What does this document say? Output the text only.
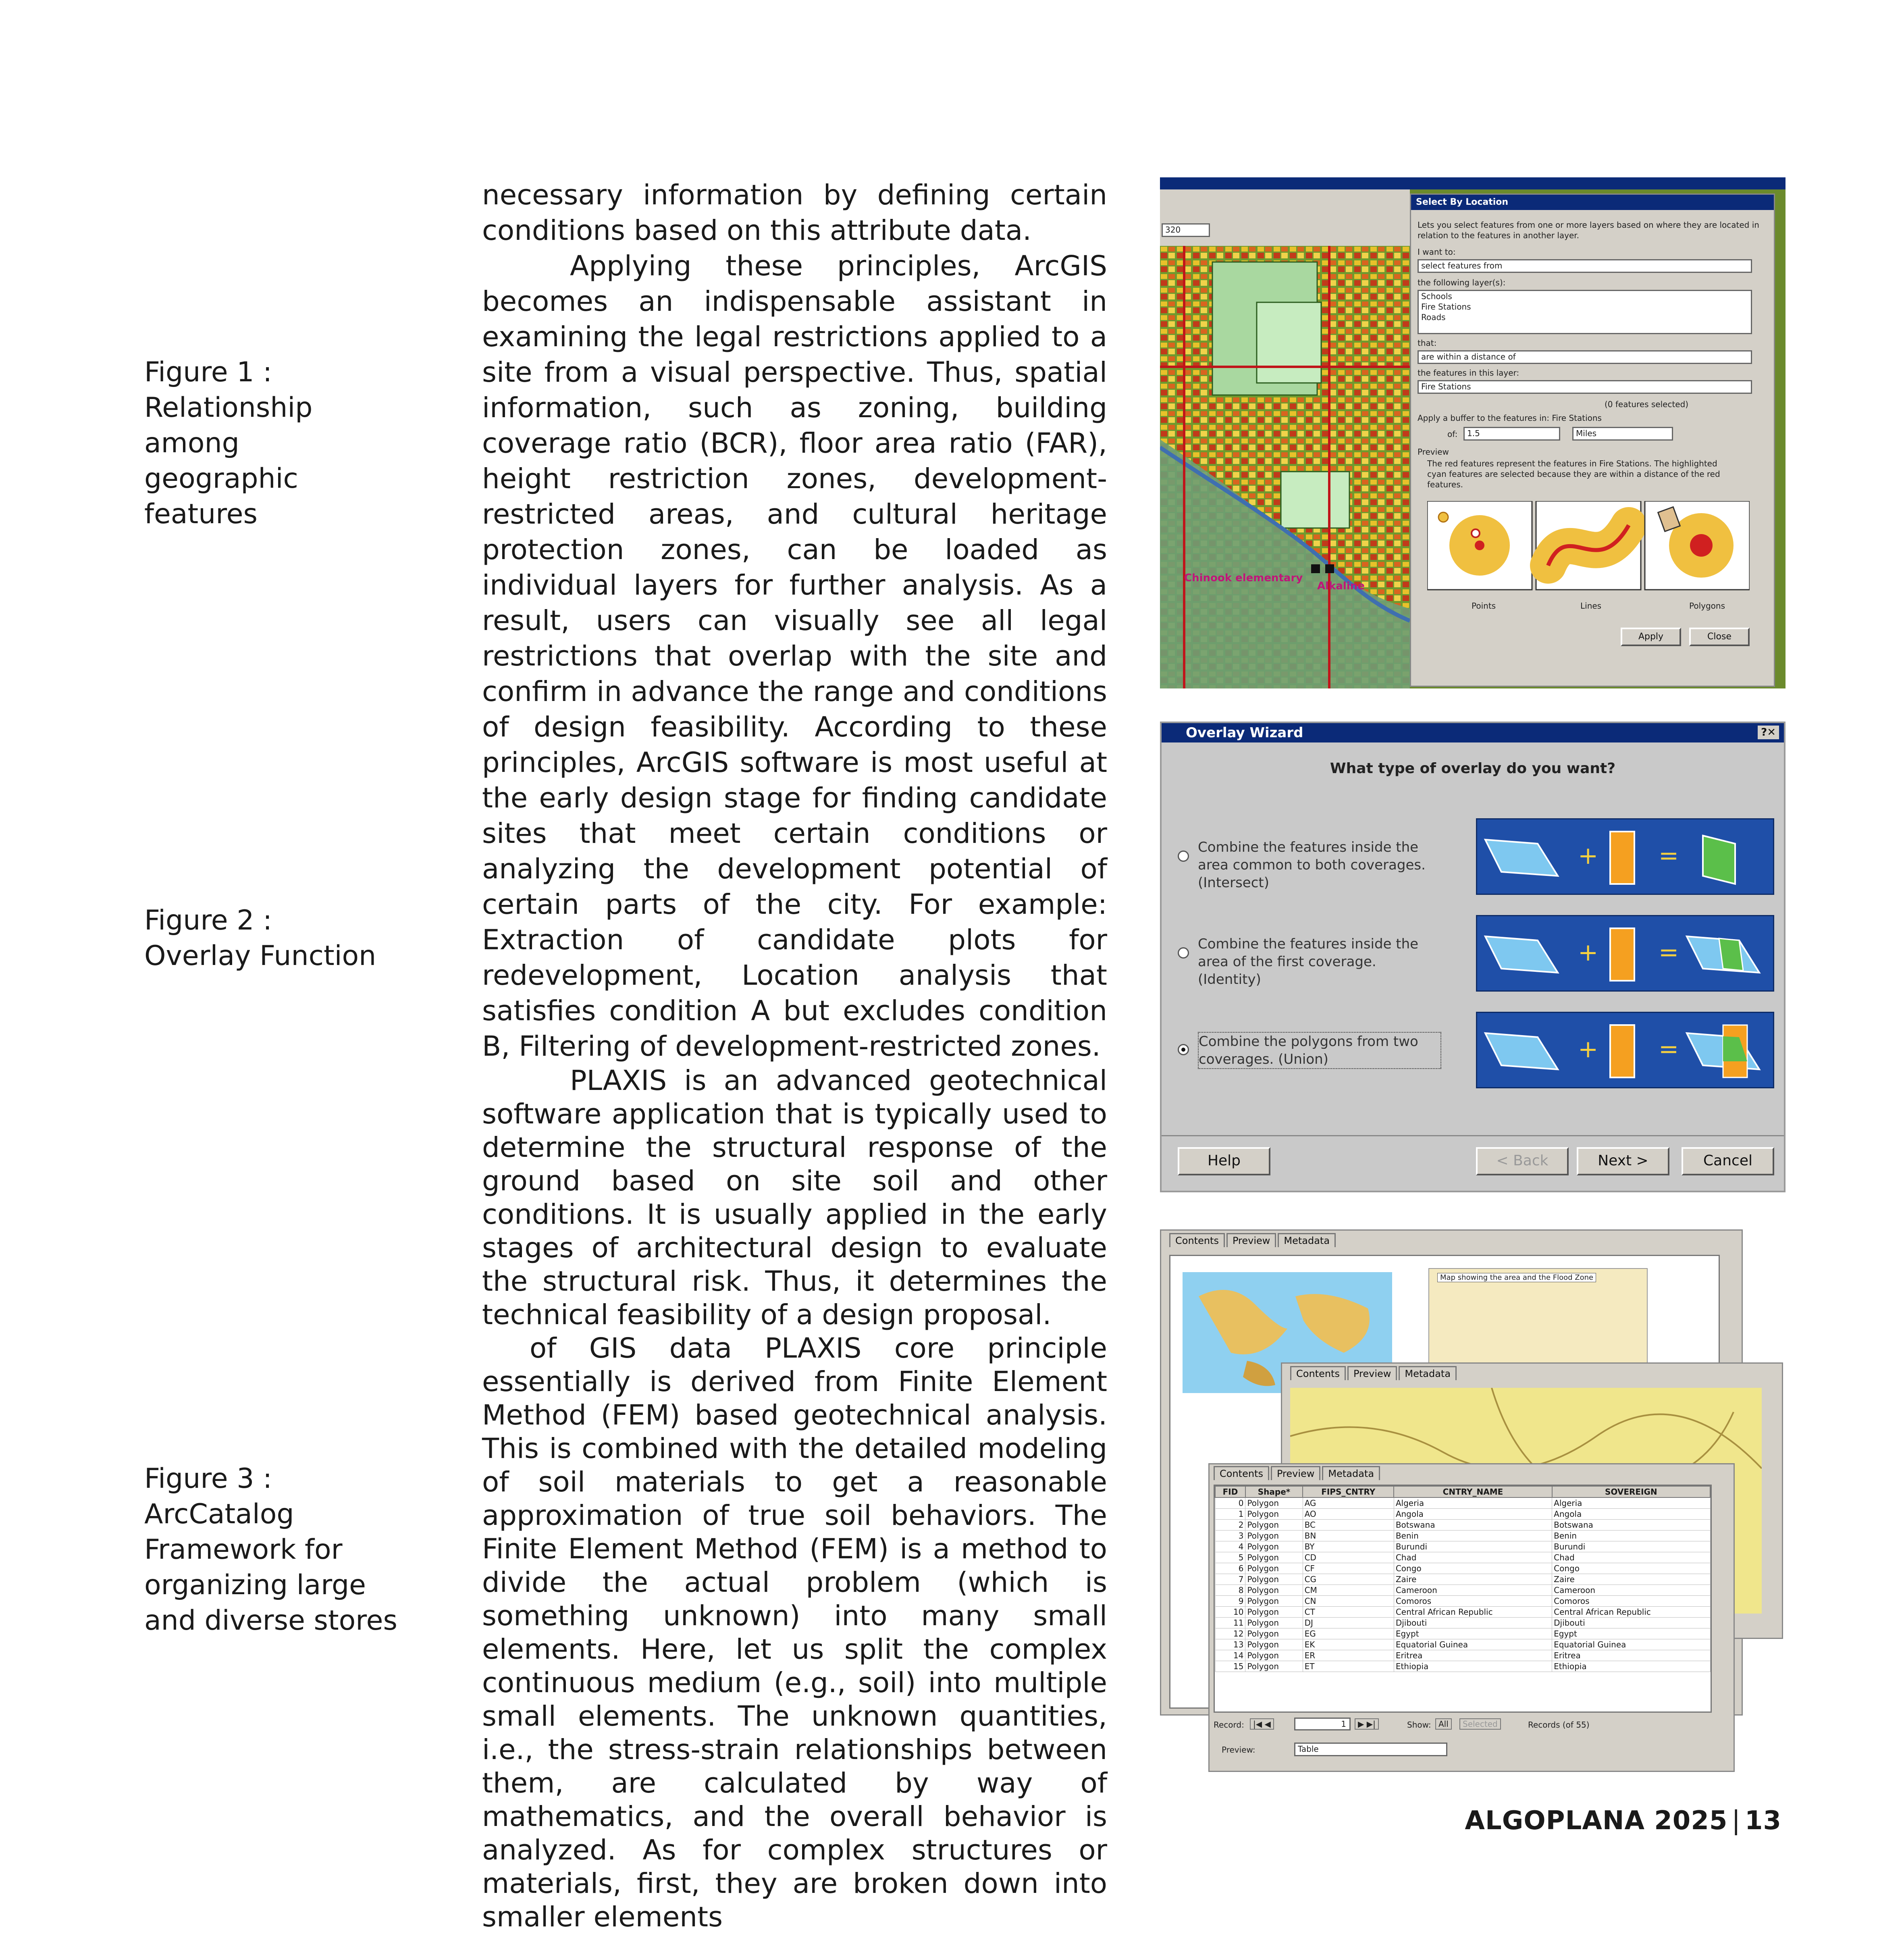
Figure 1 :
Relationship
among
geographic
features
Figure 2 :
Overlay Function
Figure 3 :
ArcCatalog
Framework for
organizing large
and diverse stores

necessary information by defining certain conditions based on this attribute data.

Applying these principles, ArcGIS becomes an indispensable assistant in examining the legal restrictions applied to a site from a visual perspective. Thus, spatial information, such as zoning, building coverage ratio (BCR), floor area ratio (FAR), height restriction zones, development-restricted areas, and cultural heritage protection zones, can be loaded as individual layers for further analysis. As a result, users can visually see all legal restrictions that overlap with the site and confirm in advance the range and conditions of design feasibility. According to these principles, ArcGIS software is most useful at the early design stage for finding candidate sites that meet certain conditions or analyzing the development potential of certain parts of the city. For example: Extraction of candidate plots for redevelopment, Location analysis that satisfies condition A but excludes condition B, Filtering of development-restricted zones.

PLAXIS is an advanced geotechnical software application that is typically used to determine the structural response of the ground based on site soil and other conditions. It is usually applied in the early stages of architectural design to evaluate the structural risk. Thus, it determines the technical feasibility of a design proposal.

of GIS data PLAXIS core principle essentially is derived from Finite Element Method (FEM) based geotechnical analysis. This is combined with the detailed modeling of soil materials to get a reasonable approximation of true soil behaviors. The Finite Element Method (FEM) is a method to divide the actual problem (which is something unknown) into many small elements. Here, let us split the complex continuous medium (e.g., soil) into multiple small elements. The unknown quantities, i.e., the stress-strain relationships between them, are calculated by way of mathematics, and the overall behavior is analyzed. As for complex structures or materials, first, they are broken down into smaller elements

320
Chinook elementary
Alkaline
Select By Location
Lets you select features from one or more layers based on where they are located in relation to the features in another layer.
I want to:
select features from
the following layer(s):
Schools
Fire Stations
Roads
that:
are within a distance of
the features in this layer:
Fire Stations
(0 features selected)
Apply a buffer to the features in: Fire Stations
of:	1.5	Miles
Preview
The red features represent the features in Fire Stations. The highlighted cyan features are selected because they are within a distance of the red features.
Points	Lines	Polygons
Apply	Close
Overlay Wizard	?✕
What type of overlay do you want?
Combine the features inside the area common to both coverages. (Intersect)
+ =
Combine the features inside the area of the first coverage. (Identity)
+ =
Combine the polygons from two coverages. (Union)	+ =
Help	< Back	Next >	Cancel
Contents Preview Metadata
Map showing the area and the Flood Zone
Contents Preview Metadata
Contents Preview Metadata
FID	Shape*	FIPS_CNTRY	CNTRY_NAME	SOVEREIGN
0	Polygon	AG	Algeria	Algeria
1	Polygon	AO	Angola	Angola
2	Polygon	BC	Botswana	Botswana
3	Polygon	BN	Benin	Benin
4	Polygon	BY	Burundi	Burundi
5	Polygon	CD	Chad	Chad
6	Polygon	CF	Congo	Congo
7	Polygon	CG	Zaire	Zaire
8	Polygon	CM	Cameroon	Cameroon
9	Polygon	CN	Comoros	Comoros
10	Polygon	CT	Central African Republic	Central African Republic
11	Polygon	DJ	Djibouti	Djibouti
12	Polygon	EG	Egypt	Egypt
13	Polygon	EK	Equatorial Guinea	Equatorial Guinea
14	Polygon	ER	Eritrea	Eritrea
15	Polygon	ET	Ethiopia	Ethiopia
Record:	|◀ ◀	1	▶ ▶|	Show: All	Selected	Records (of 55)
Preview:	Table
ALGOPLANA 2025 | 13
